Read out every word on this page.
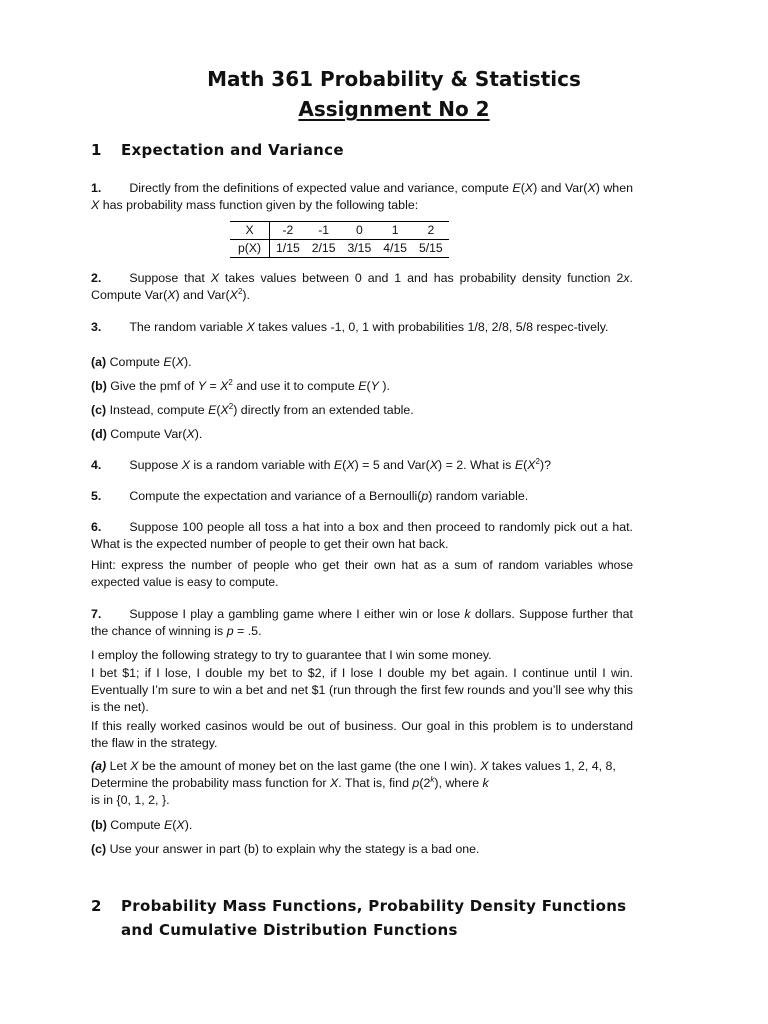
Math 361 Probability & Statistics
Assignment No 2
1 Expectation and Variance
1. Directly from the definitions of expected value and variance, compute E(X) and Var(X) when X has probability mass function given by the following table:
X	-2	-1	0	1	2
p(X)	1/15	2/15	3/15	4/15	5/15
2. Suppose that X takes values between 0 and 1 and has probability density function 2x. Compute Var(X) and $Var(X^2)$.
3. The random variable X takes values -1, 0, 1 with probabilities 1/8, 2/8, 5/8 respec-tively.
(a) Compute E(X).
(b) Give the pmf of $Y = X^2$ and use it to compute E(Y ).
(c) Instead, compute $E(X^2)$ directly from an extended table.
(d) Compute Var(X).
4. Suppose X is a random variable with E(X) = 5 and Var(X) = 2. What is $E(X^2)$?
5. Compute the expectation and variance of a Bernoulli(p) random variable.
6. Suppose 100 people all toss a hat into a box and then proceed to randomly pick out a hat. What is the expected number of people to get their own hat back.
Hint: express the number of people who get their own hat as a sum of random variables whose expected value is easy to compute.
7. Suppose I play a gambling game where I either win or lose k dollars. Suppose further that the chance of winning is p = .5.
I employ the following strategy to try to guarantee that I win some money.
I bet $1; if I lose, I double my bet to $2, if I lose I double my bet again. I continue until I win. Eventually I’m sure to win a bet and net $1 (run through the first few rounds and you’ll see why this is the net).
If this really worked casinos would be out of business. Our goal in this problem is to understand the flaw in the strategy.
(a) Let X be the amount of money bet on the last game (the one I win). X takes values 1, 2, 4, 8, Determine the probability mass function for X. That is, find p(2$^k$), where k
is in {0, 1, 2, }.
(b) Compute E(X).
(c) Use your answer in part (b) to explain why the stategy is a bad one.
2 Probability Mass Functions, Probability Density Functions
and Cumulative Distribution Functions
